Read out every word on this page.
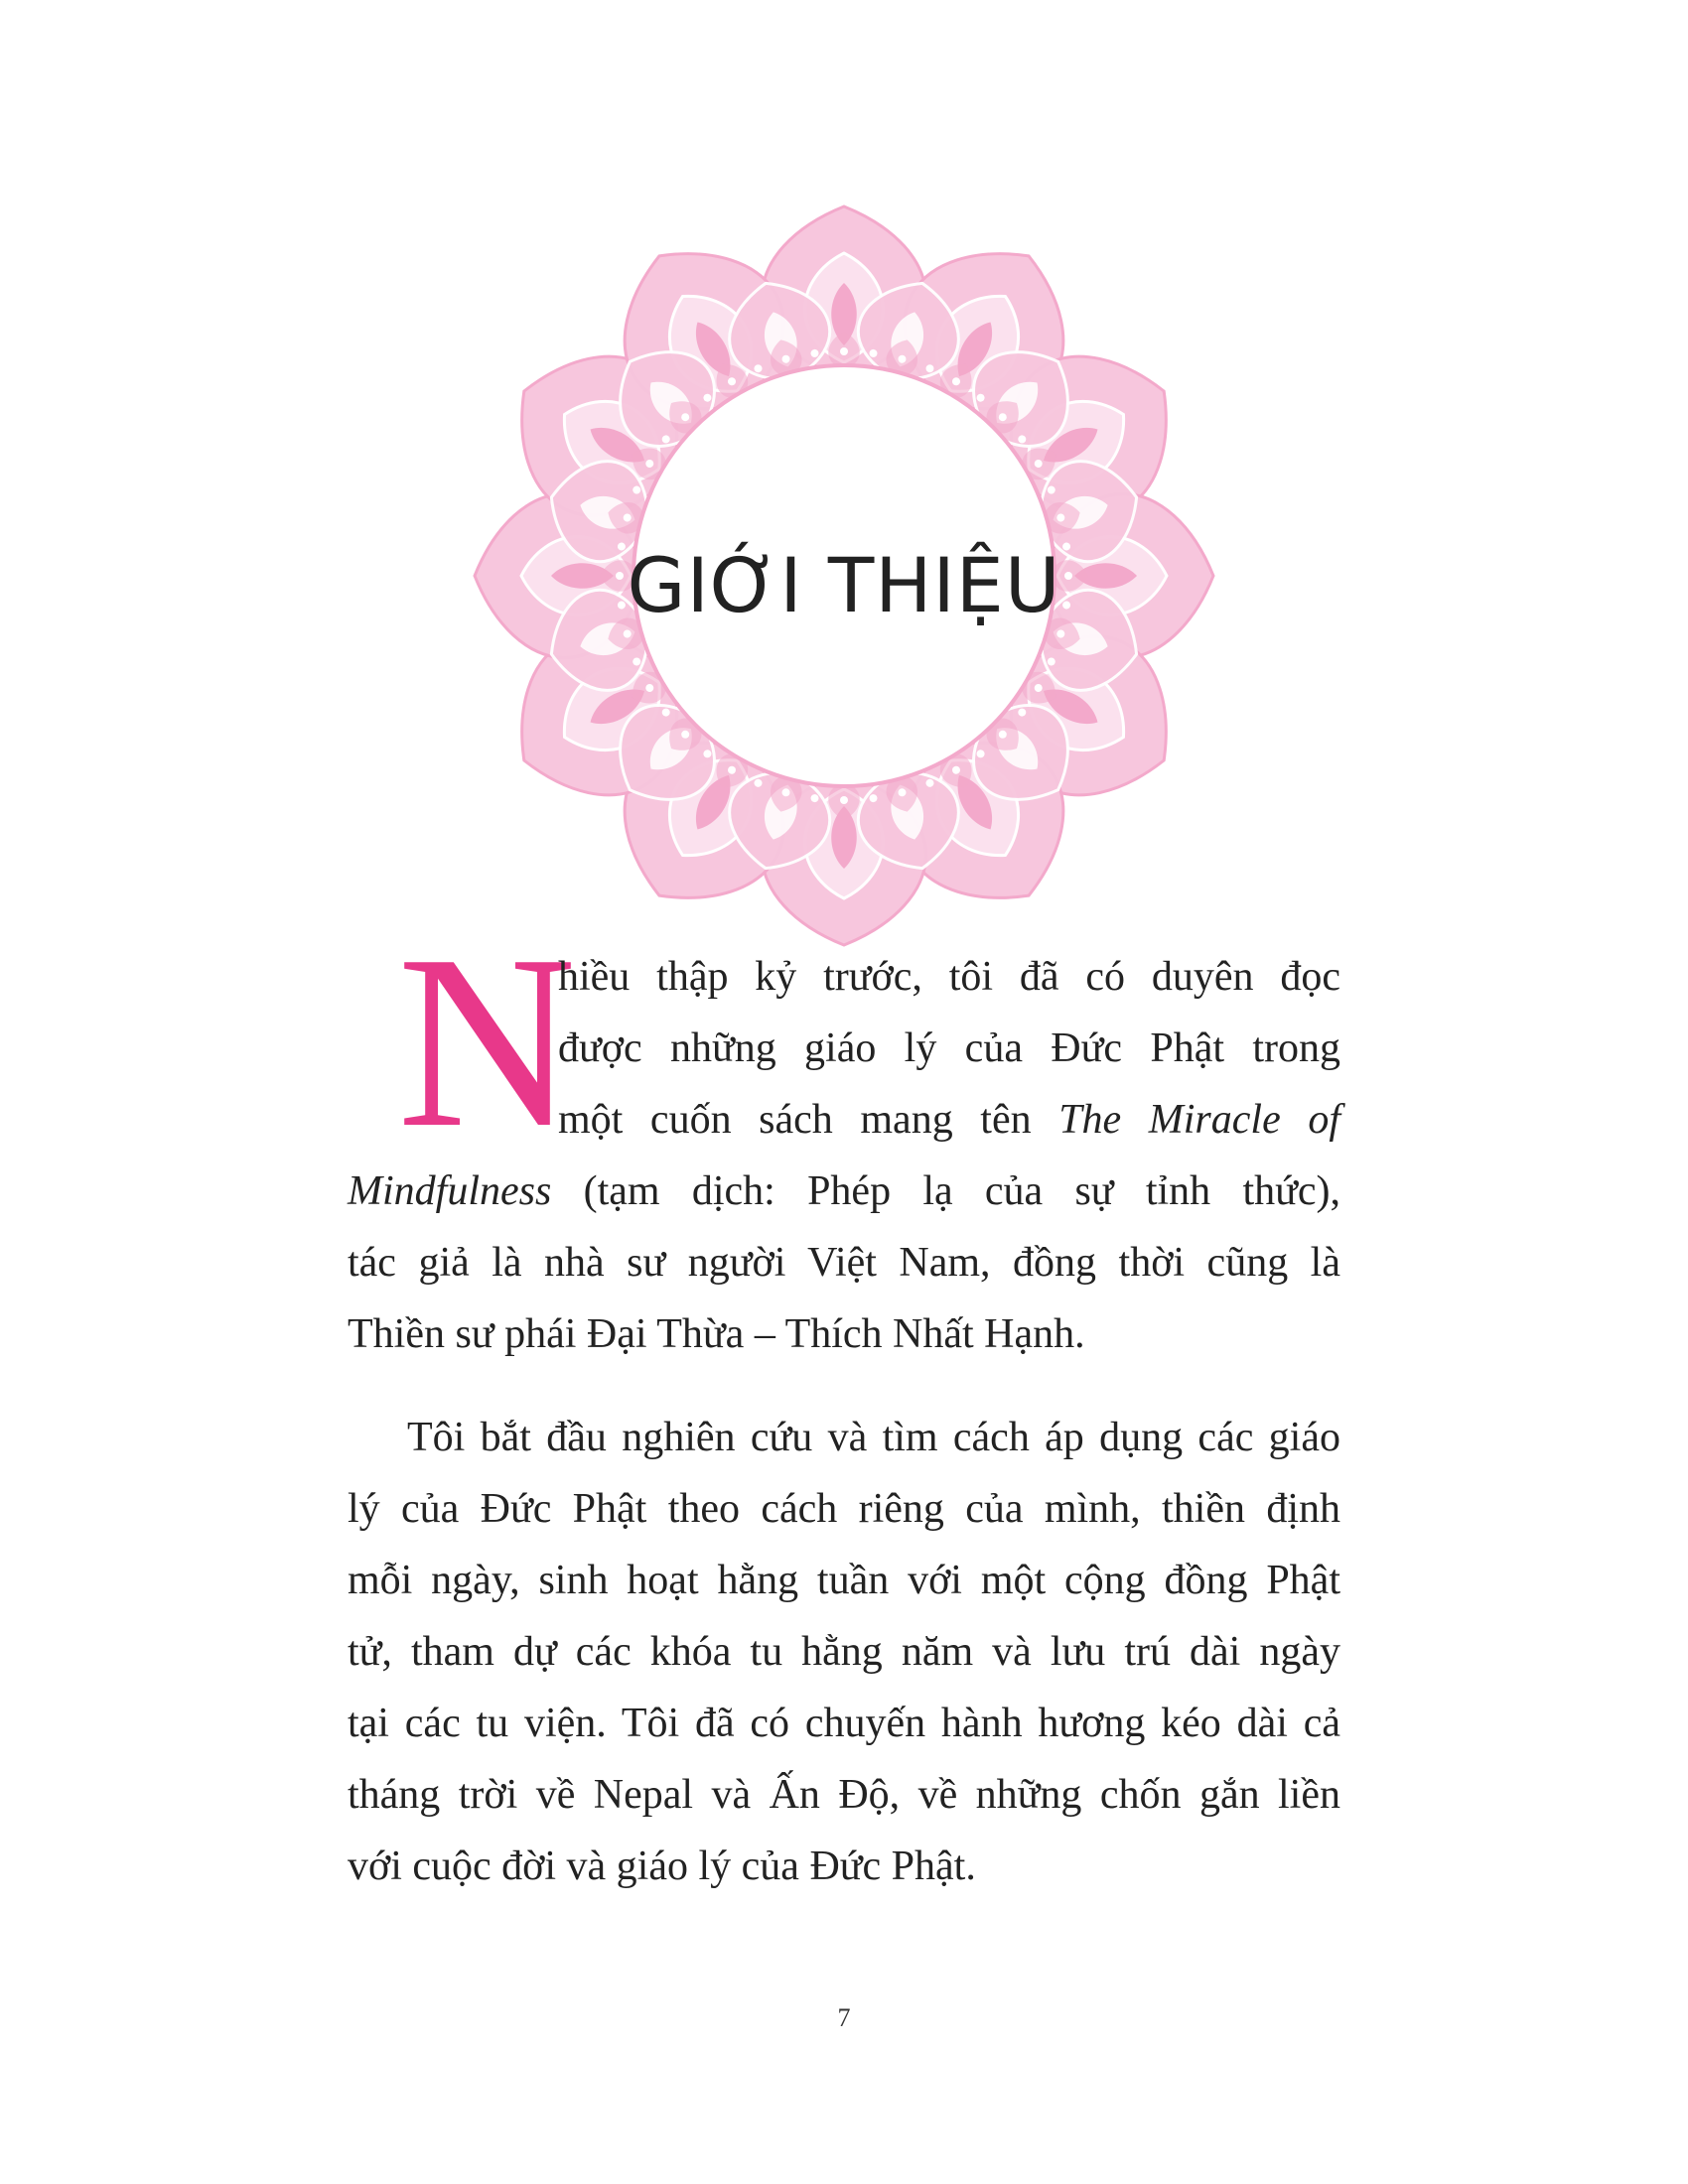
GIỚI THIỆU
N
hiều thập kỷ trước, tôi đã có duyên đọc
được những giáo lý của Đức Phật trong
một cuốn sách mang tên The Miracle of
Mindfulness (tạm dịch: Phép lạ của sự tỉnh thức),
tác giả là nhà sư người Việt Nam, đồng thời cũng là
Thiền sư phái Đại Thừa – Thích Nhất Hạnh.
Tôi bắt đầu nghiên cứu và tìm cách áp dụng các giáo
lý của Đức Phật theo cách riêng của mình, thiền định
mỗi ngày, sinh hoạt hằng tuần với một cộng đồng Phật
tử, tham dự các khóa tu hằng năm và lưu trú dài ngày
tại các tu viện. Tôi đã có chuyến hành hương kéo dài cả
tháng trời về Nepal và Ấn Độ, về những chốn gắn liền
với cuộc đời và giáo lý của Đức Phật.
7
